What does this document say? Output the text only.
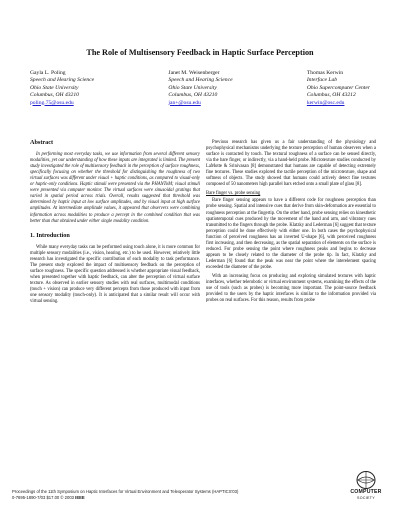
The Role of Multisensory Feedback in Haptic Surface Perception
Gayla L. Poling
Speech and Hearing Science
Ohio State University
Columbus, OH 43210
poling.75@osu.edu
Janet M. Weisenberger
Speech and Hearing Science
Ohio State University
Columbus, OH 43210
jan+@osu.edu
Thomas Kerwin
Interface Lab
Ohio Supercomputer Center
Columbus, OH 43212
kerwin@osc.edu
Abstract
In performing most everyday tasks, we use information from several different sensory modalities, yet our understanding of how these inputs are integrated is limited. The present study investigated the role of multisensory feedback in the perception of surface roughness, specifically focusing on whether the threshold for distinguishing the roughness of two virtual surfaces was different under visual + haptic conditions, as compared to visual-only or haptic-only conditions. Haptic stimuli were presented via the PHANToM; visual stimuli were presented via computer monitor. The virtual surfaces were sinusoidal gratings that varied in spatial period across trials. Overall, results suggested that threshold was determined by haptic input at low surface amplitudes, and by visual input at high surface amplitudes. At intermediate amplitude values, it appeared that observers were combining information across modalities to produce a percept in the combined condition that was better than that obtained under either single modality condition.
1. Introduction

While many everyday tasks can be performed using touch alone, it is more common for multiple sensory modalities (i.e., vision, hearing, etc.) to be used. However, relatively little research has investigated the specific contribution of each modality to task performance. The present study explored the impact of multisensory feedback on the perception of surface roughness. The specific question addressed is whether appropriate visual feedback, when presented together with haptic feedback, can alter the perception of virtual surface texture. As observed in earlier sensory studies with real surfaces, multimodal conditions (touch + vision) can produce very different percepts from those produced with input from one sensory modality (touch-only). It is anticipated that a similar result will occur with virtual sensing.

Previous research has given us a fair understanding of the physiology and psychophysical mechanisms underlying the texture perception of human observers when a surface is contacted by touch. The textural roughness of a surface can be sensed directly, via the bare finger, or indirectly, via a hand-held probe. Microtexture studies conducted by LaMotte & Srinivasan [8] demonstrated that humans are capable of detecting extremely fine textures. These studies explored the tactile perception of the microtexture, shape and softness of objects. The study showed that humans could actively detect fine textures composed of 50 nanometers high parallel bars etched onto a small plate of glass [8].

Bare finger vs. probe sensing

Bare finger sensing appears to have a different code for roughness perception than probe sensing. Spatial and intensive cues that derive from skin-deformation are essential to roughness perception at the fingertip. On the other hand, probe sensing relies on kinesthetic spatiotemporal cues produced by the movement of the hand and arm, and vibratory cues transmitted to the fingers through the probe. Klatzky and Lederman [6] suggest that texture perception could be done effectively with either one. In both cases the psychophysical function of perceived roughness has an inverted U-shape [6], with perceived roughness first increasing, and then decreasing, as the spatial separation of elements on the surface is reduced. For probe sensing the point where roughness peaks and begins to decrease appears to be closely related to the diameter of the probe tip. In fact, Klatzky and Lederman [6] found that the peak was near the point where the interelement spacing exceeded the diameter of the probe.

With an increasing focus on producing and exploring simulated textures with haptic interfaces, whether telerobotic or virtual environment systems, examining the effects of the use of tools (such as probes) is becoming more important. The point-source feedback provided to the users by the haptic interfaces is similar to the information provided via probes on real surfaces. For this reason, results from probe

Proceedings of the 11th Symposium on Haptic Interfaces for Virtual Environment and Teleoperator Systems (HAPTICS'03)
0-7695-1890-7/03 $17.00 © 2003 IEEE
COMPUTER
SOCIETY
